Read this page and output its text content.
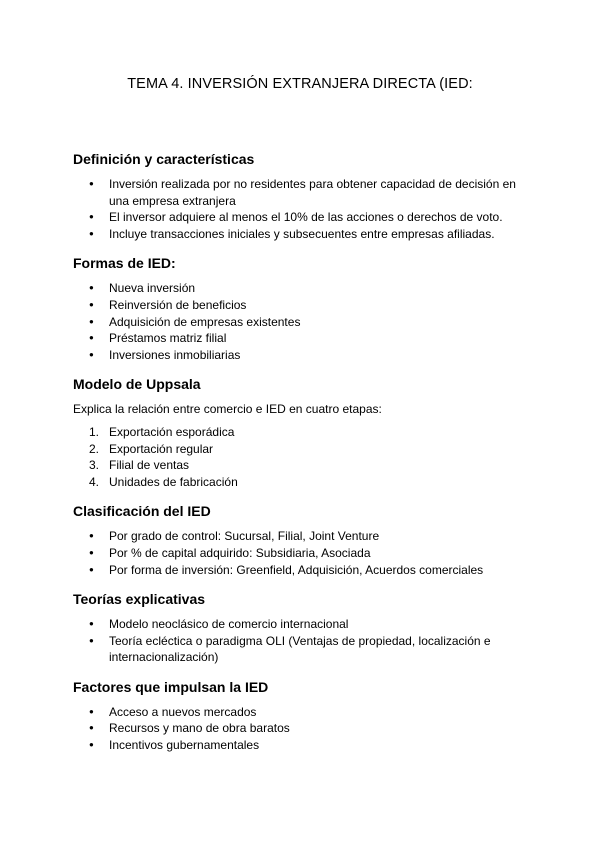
TEMA 4. INVERSIÓN EXTRANJERA DIRECTA (IED:
Definición y características
● Inversión realizada por no residentes para obtener capacidad de decisión en una empresa extranjera
● El inversor adquiere al menos el 10% de las acciones o derechos de voto.
● Incluye transacciones iniciales y subsecuentes entre empresas afiliadas.
Formas de IED:
● Nueva inversión
● Reinversión de beneficios
● Adquisición de empresas existentes
● Préstamos matriz filial
● Inversiones inmobiliarias
Modelo de Uppsala

Explica la relación entre comercio e IED en cuatro etapas:

1. Exportación esporádica
2. Exportación regular
3. Filial de ventas
4. Unidades de fabricación
Clasificación del IED
● Por grado de control: Sucursal, Filial, Joint Venture
● Por % de capital adquirido: Subsidiaria, Asociada
● Por forma de inversión: Greenfield, Adquisición, Acuerdos comerciales
Teorías explicativas
● Modelo neoclásico de comercio internacional
● Teoría ecléctica o paradigma OLI (Ventajas de propiedad, localización e internacionalización)
Factores que impulsan la IED
● Acceso a nuevos mercados
● Recursos y mano de obra baratos
● Incentivos gubernamentales
